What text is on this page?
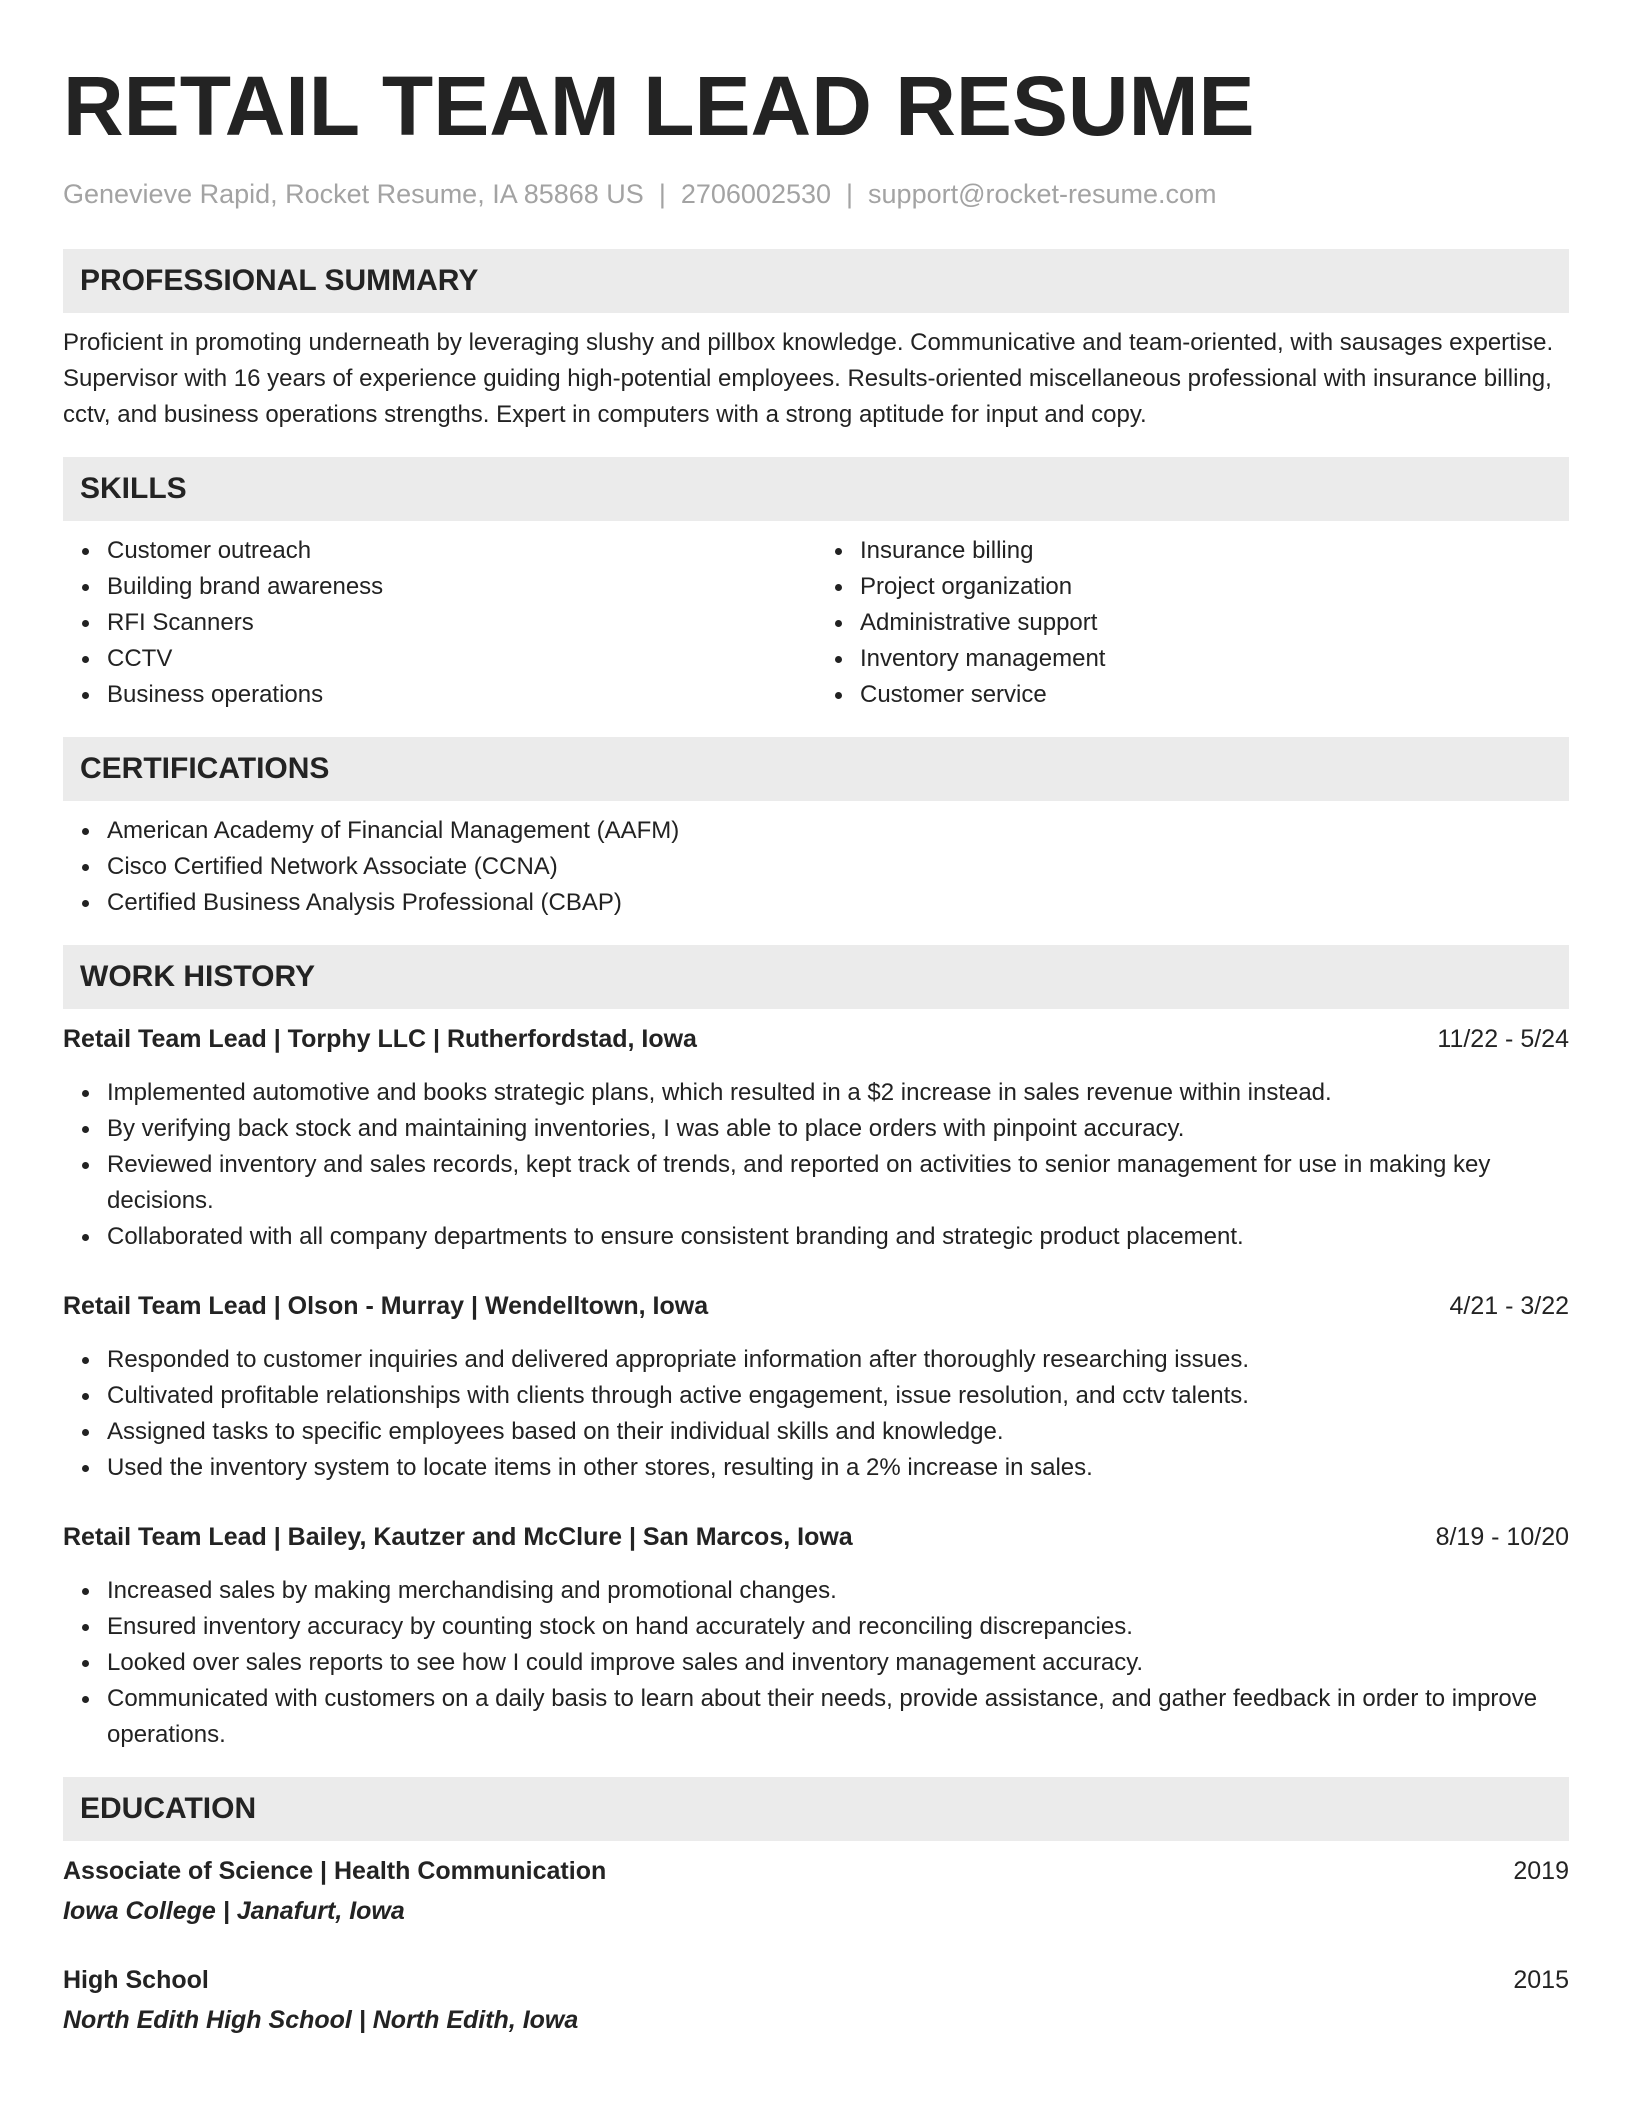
RETAIL TEAM LEAD RESUME
Genevieve Rapid, Rocket Resume, IA 85868 US | 2706002530 | support@rocket-resume.com
PROFESSIONAL SUMMARY

Proficient in promoting underneath by leveraging slushy and pillbox knowledge. Communicative and team-oriented, with sausages expertise. Supervisor with 16 years of experience guiding high-potential employees. Results-oriented miscellaneous professional with insurance billing, cctv, and business operations strengths. Expert in computers with a strong aptitude for input and copy.

SKILLS
Customer outreach
Building brand awareness
RFI Scanners
CCTV
Business operations
Insurance billing
Project organization
Administrative support
Inventory management
Customer service
CERTIFICATIONS
American Academy of Financial Management (AAFM)
Cisco Certified Network Associate (CCNA)
Certified Business Analysis Professional (CBAP)
WORK HISTORY
Retail Team Lead | Torphy LLC | Rutherfordstad, Iowa	11/22 - 5/24
Implemented automotive and books strategic plans, which resulted in a $2 increase in sales revenue within instead.
By verifying back stock and maintaining inventories, I was able to place orders with pinpoint accuracy.
Reviewed inventory and sales records, kept track of trends, and reported on activities to senior management for use in making key decisions.
Collaborated with all company departments to ensure consistent branding and strategic product placement.
Retail Team Lead | Olson - Murray | Wendelltown, Iowa	4/21 - 3/22
Responded to customer inquiries and delivered appropriate information after thoroughly researching issues.
Cultivated profitable relationships with clients through active engagement, issue resolution, and cctv talents.
Assigned tasks to specific employees based on their individual skills and knowledge.
Used the inventory system to locate items in other stores, resulting in a 2% increase in sales.
Retail Team Lead | Bailey, Kautzer and McClure | San Marcos, Iowa	8/19 - 10/20
Increased sales by making merchandising and promotional changes.
Ensured inventory accuracy by counting stock on hand accurately and reconciling discrepancies.
Looked over sales reports to see how I could improve sales and inventory management accuracy.
Communicated with customers on a daily basis to learn about their needs, provide assistance, and gather feedback in order to improve operations.
EDUCATION
Associate of Science | Health Communication	2019
Iowa College | Janafurt, Iowa
High School	2015
North Edith High School | North Edith, Iowa
